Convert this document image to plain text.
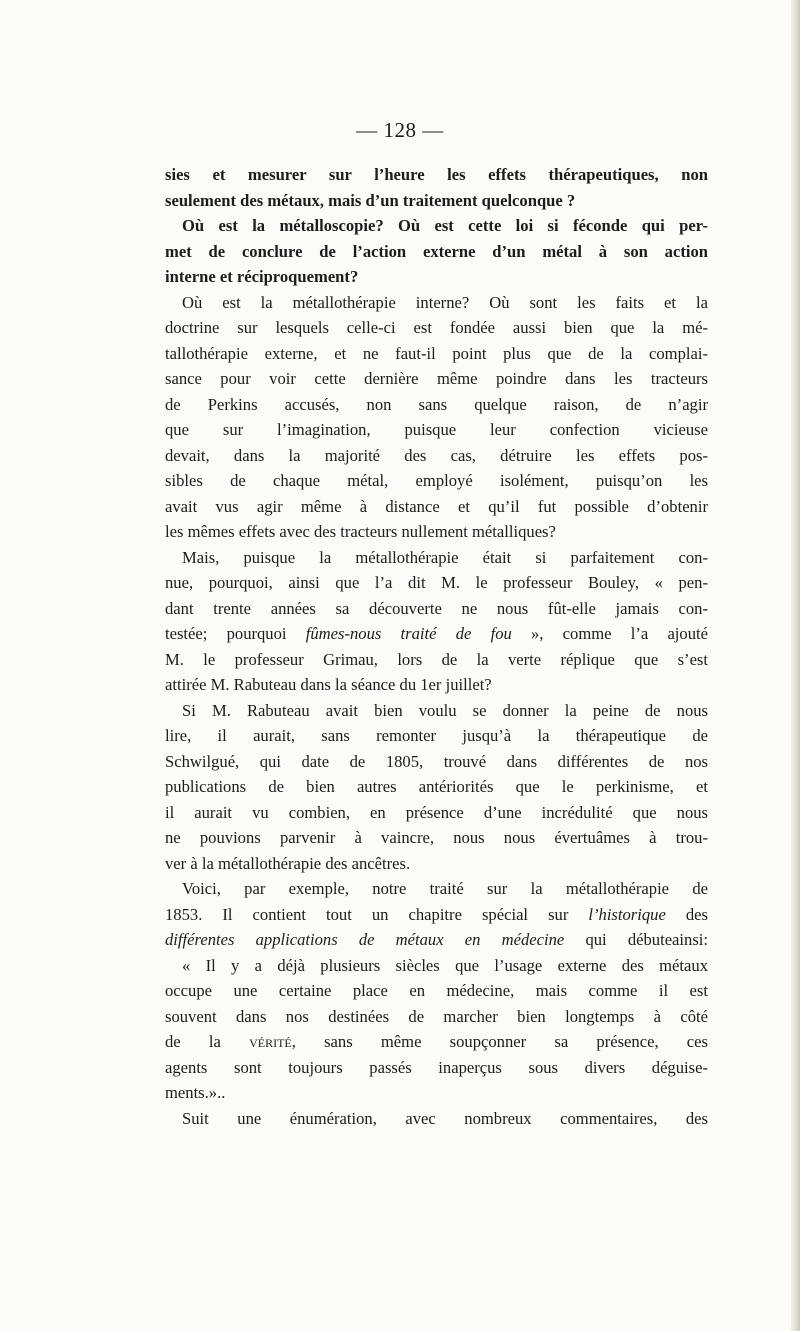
— 128 —
sies et mesurer sur l’heure les effets thérapeutiques, non
seulement des métaux, mais d’un traitement quelconque ?
Où est la métalloscopie? Où est cette loi si féconde qui per-
met de conclure de l’action externe d’un métal à son action
interne et réciproquement?
Où est la métallothérapie interne? Où sont les faits et la
doctrine sur lesquels celle-ci est fondée aussi bien que la mé-
tallothérapie externe, et ne faut-il point plus que de la complai-
sance pour voir cette dernière même poindre dans les tracteurs
de Perkins accusés, non sans quelque raison, de n’agir
que sur l’imagination, puisque leur confection vicieuse
devait, dans la majorité des cas, détruire les effets pos-
sibles de chaque métal, employé isolément, puisqu’on les
avait vus agir même à distance et qu’il fut possible d’obtenir
les mêmes effets avec des tracteurs nullement métalliques?
Mais, puisque la métallothérapie était si parfaitement con-
nue, pourquoi, ainsi que l’a dit M. le professeur Bouley, « pen-
dant trente années sa découverte ne nous fût-elle jamais con-
testée; pourquoi fûmes-nous traité de fou », comme l’a ajouté
M. le professeur Grimau, lors de la verte réplique que s’est
attirée M. Rabuteau dans la séance du 1er juillet?
Si M. Rabuteau avait bien voulu se donner la peine de nous
lire, il aurait, sans remonter jusqu’à la thérapeutique de
Schwilgué, qui date de 1805, trouvé dans différentes de nos
publications de bien autres antériorités que le perkinisme, et
il aurait vu combien, en présence d’une incrédulité que nous
ne pouvions parvenir à vaincre, nous nous évertuâmes à trou-
ver à la métallothérapie des ancêtres.
Voici, par exemple, notre traité sur la métallothérapie de
1853. Il contient tout un chapitre spécial sur l’historique des
différentes applications de métaux en médecine qui débuteainsi:
« Il y a déjà plusieurs siècles que l’usage externe des métaux
occupe une certaine place en médecine, mais comme il est
souvent dans nos destinées de marcher bien longtemps à côté
de la vérité, sans même soupçonner sa présence, ces
agents sont toujours passés inaperçus sous divers déguise-
ments.»..
Suit une énumération, avec nombreux commentaires, des
